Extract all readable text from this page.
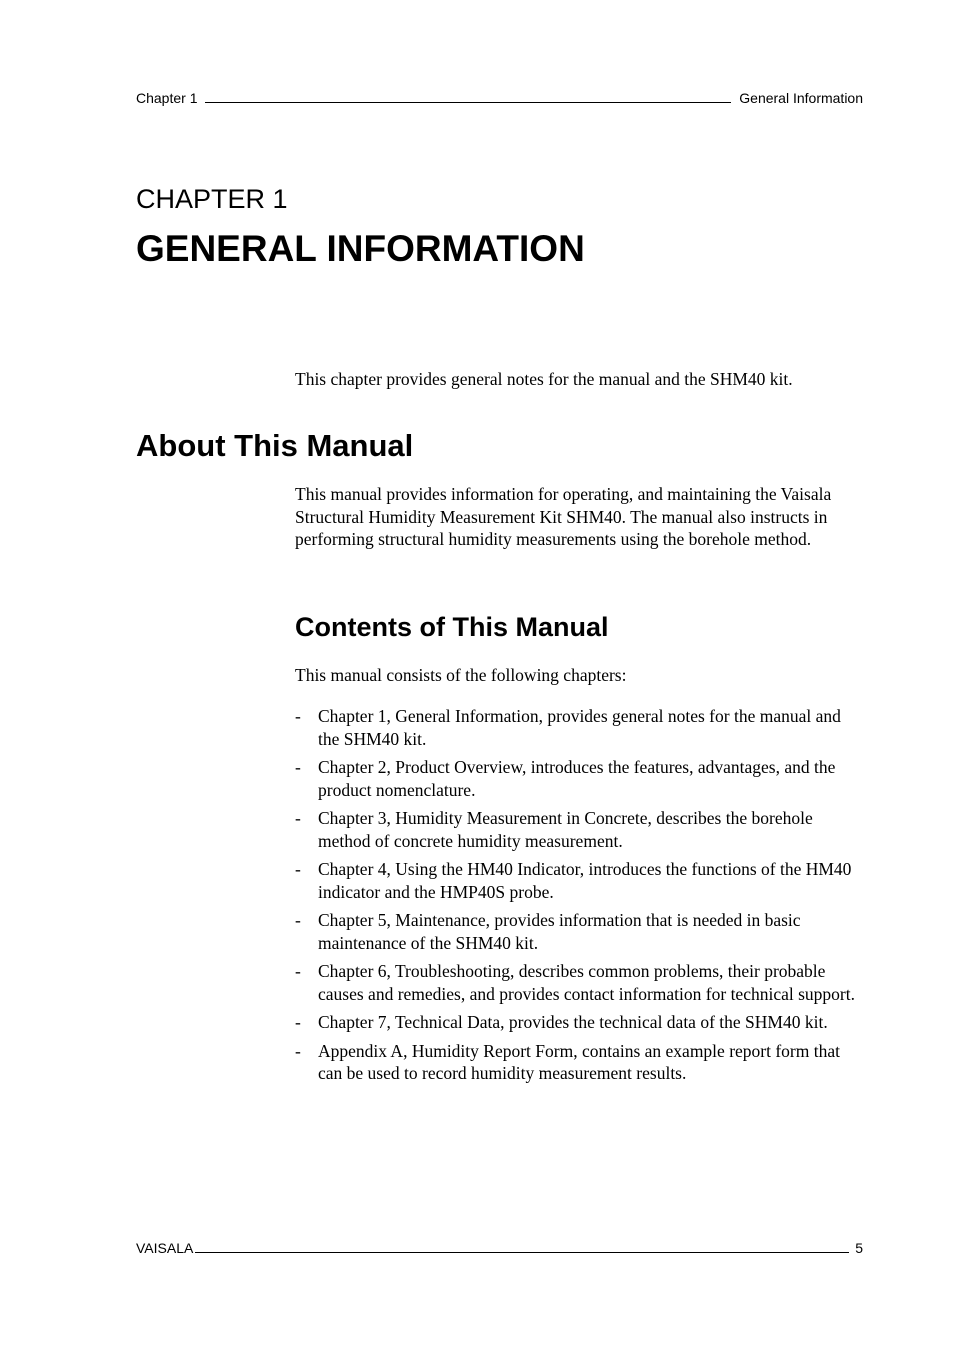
Chapter 1	General Information
CHAPTER 1
GENERAL INFORMATION

This chapter provides general notes for the manual and the SHM40 kit.

About This Manual

This manual provides information for operating, and maintaining the Vaisala Structural Humidity Measurement Kit SHM40. The manual also instructs in performing structural humidity measurements using the borehole method.

Contents of This Manual

This manual consists of the following chapters:

- Chapter 1, General Information, provides general notes for the manual and the SHM40 kit.
- Chapter 2, Product Overview, introduces the features, advantages, and the product nomenclature.
- Chapter 3, Humidity Measurement in Concrete, describes the borehole method of concrete humidity measurement.
- Chapter 4, Using the HM40 Indicator, introduces the functions of the HM40 indicator and the HMP40S probe.
- Chapter 5, Maintenance, provides information that is needed in basic maintenance of the SHM40 kit.
- Chapter 6, Troubleshooting, describes common problems, their probable causes and remedies, and provides contact information for technical support.
- Chapter 7, Technical Data, provides the technical data of the SHM40 kit.
- Appendix A, Humidity Report Form, contains an example report form that can be used to record humidity measurement results.
VAISALA	5
